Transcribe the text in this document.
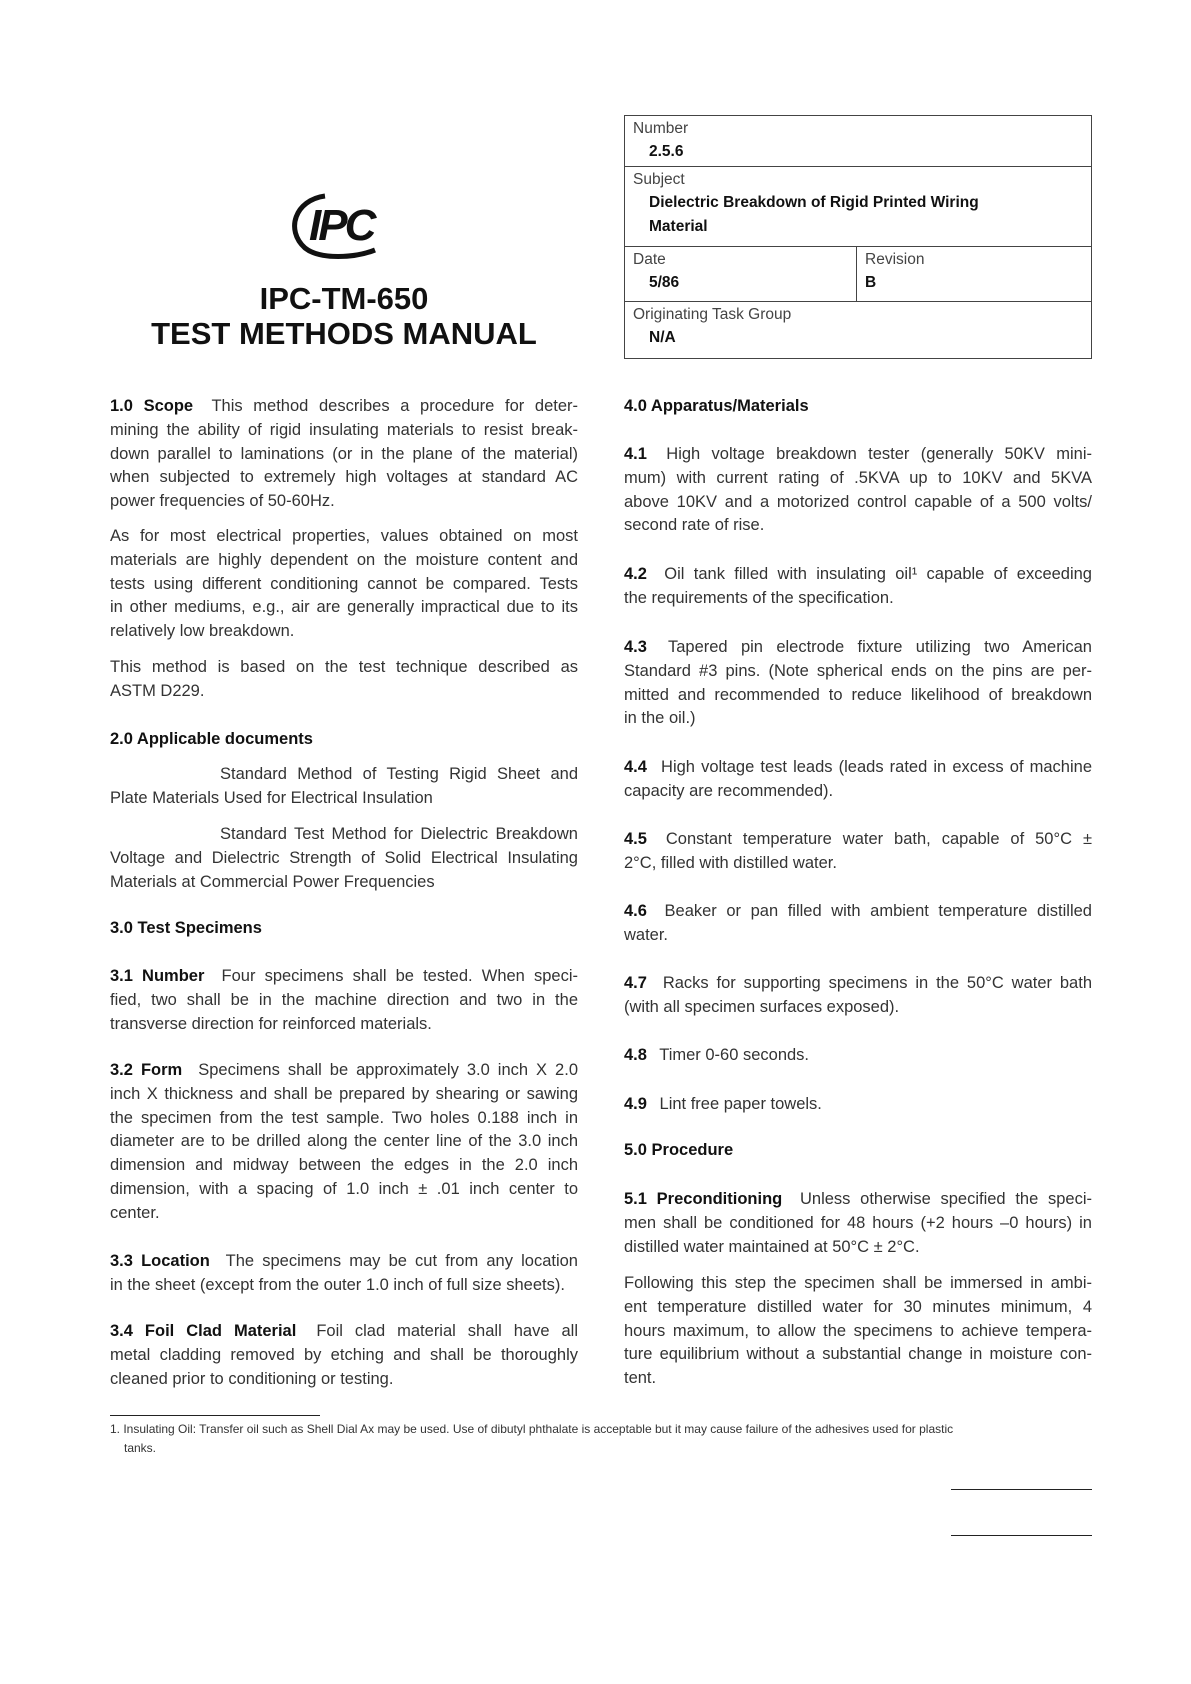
IPC
IPC-TM-650
TEST METHODS MANUAL
Number
2.5.6
Subject
Dielectric Breakdown of Rigid Printed Wiring
Material
Date
5/86
Revision
B
Originating Task Group
N/A
1.0 Scope This method describes a procedure for deter-
mining the ability of rigid insulating materials to resist break-
down parallel to laminations (or in the plane of the material)
when subjected to extremely high voltages at standard AC
power frequencies of 50-60Hz.
As for most electrical properties, values obtained on most
materials are highly dependent on the moisture content and
tests using different conditioning cannot be compared. Tests
in other mediums, e.g., air are generally impractical due to its
relatively low breakdown.
This method is based on the test technique described as
ASTM D229.
2.0 Applicable documents
Standard Method of Testing Rigid Sheet and
Plate Materials Used for Electrical Insulation
Standard Test Method for Dielectric Breakdown
Voltage and Dielectric Strength of Solid Electrical Insulating
Materials at Commercial Power Frequencies
3.0 Test Specimens
3.1 Number Four specimens shall be tested. When speci-
fied, two shall be in the machine direction and two in the
transverse direction for reinforced materials.
3.2 Form Specimens shall be approximately 3.0 inch X 2.0
inch X thickness and shall be prepared by shearing or sawing
the specimen from the test sample. Two holes 0.188 inch in
diameter are to be drilled along the center line of the 3.0 inch
dimension and midway between the edges in the 2.0 inch
dimension, with a spacing of 1.0 inch ± .01 inch center to
center.
3.3 Location The specimens may be cut from any location
in the sheet (except from the outer 1.0 inch of full size sheets).
3.4 Foil Clad Material Foil clad material shall have all
metal cladding removed by etching and shall be thoroughly
cleaned prior to conditioning or testing.
4.0 Apparatus/Materials
4.1 High voltage breakdown tester (generally 50KV mini-
mum) with current rating of .5KVA up to 10KV and 5KVA
above 10KV and a motorized control capable of a 500 volts/
second rate of rise.
4.2 Oil tank filled with insulating oil¹ capable of exceeding
the requirements of the specification.
4.3 Tapered pin electrode fixture utilizing two American
Standard #3 pins. (Note spherical ends on the pins are per-
mitted and recommended to reduce likelihood of breakdown
in the oil.)
4.4 High voltage test leads (leads rated in excess of machine
capacity are recommended).
4.5 Constant temperature water bath, capable of 50°C ±
2°C, filled with distilled water.
4.6 Beaker or pan filled with ambient temperature distilled
water.
4.7 Racks for supporting specimens in the 50°C water bath
(with all specimen surfaces exposed).
4.8 Timer 0-60 seconds.
4.9 Lint free paper towels.
5.0 Procedure
5.1 Preconditioning Unless otherwise specified the speci-
men shall be conditioned for 48 hours (+2 hours –0 hours) in
distilled water maintained at 50°C ± 2°C.
Following this step the specimen shall be immersed in ambi-
ent temperature distilled water for 30 minutes minimum, 4
hours maximum, to allow the specimens to achieve tempera-
ture equilibrium without a substantial change in moisture con-
tent.
1. Insulating Oil: Transfer oil such as Shell Dial Ax may be used. Use of dibutyl phthalate is acceptable but it may cause failure of the adhesives used for plastic
tanks.
